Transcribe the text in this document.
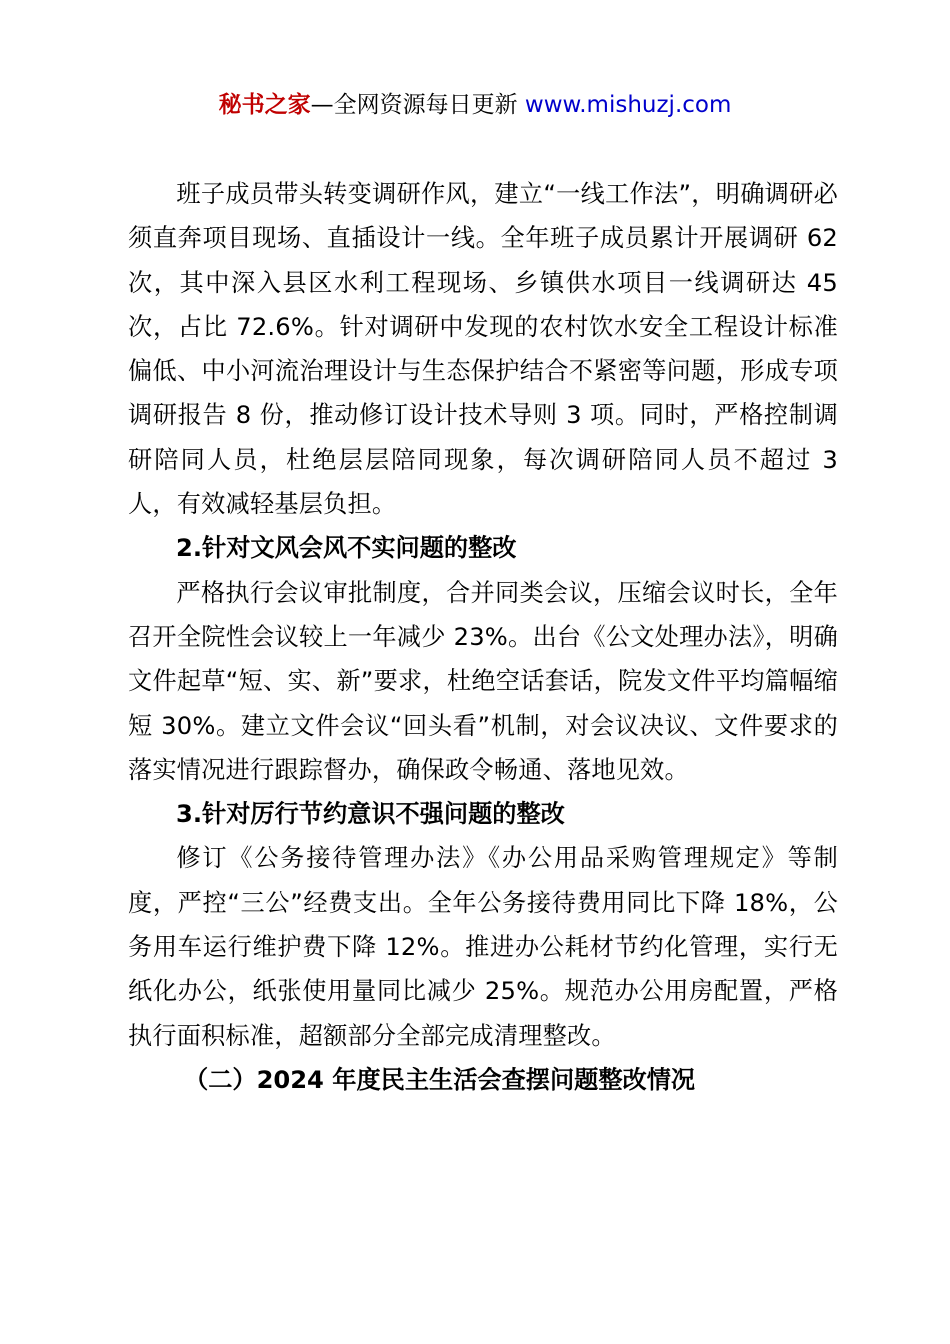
秘书之家—全网资源每日更新 www.mishuzj.com

班子成员带头转变调研作风，建立“一线工作法”，明确调研必须直奔项目现场、直插设计一线。全年班子成员累计开展调研 62 次，其中深入县区水利工程现场、乡镇供水项目一线调研达 45 次，占比 72.6%。针对调研中发现的农村饮水安全工程设计标准偏低、中小河流治理设计与生态保护结合不紧密等问题，形成专项调研报告 8 份，推动修订设计技术导则 3 项。同时，严格控制调研陪同人员，杜绝层层陪同现象，每次调研陪同人员不超过 3 人，有效减轻基层负担。

2.针对文风会风不实问题的整改

严格执行会议审批制度，合并同类会议，压缩会议时长，全年召开全院性会议较上一年减少 23%。出台《公文处理办法》，明确文件起草“短、实、新”要求，杜绝空话套话，院发文件平均篇幅缩短 30%。建立文件会议“回头看”机制，对会议决议、文件要求的落实情况进行跟踪督办，确保政令畅通、落地见效。

3.针对厉行节约意识不强问题的整改

修订《公务接待管理办法》《办公用品采购管理规定》等制度，严控“三公”经费支出。全年公务接待费用同比下降 18%，公务用车运行维护费下降 12%。推进办公耗材节约化管理，实行无纸化办公，纸张使用量同比减少 25%。规范办公用房配置，严格执行面积标准，超额部分全部完成清理整改。

（二）2024 年度民主生活会查摆问题整改情况
